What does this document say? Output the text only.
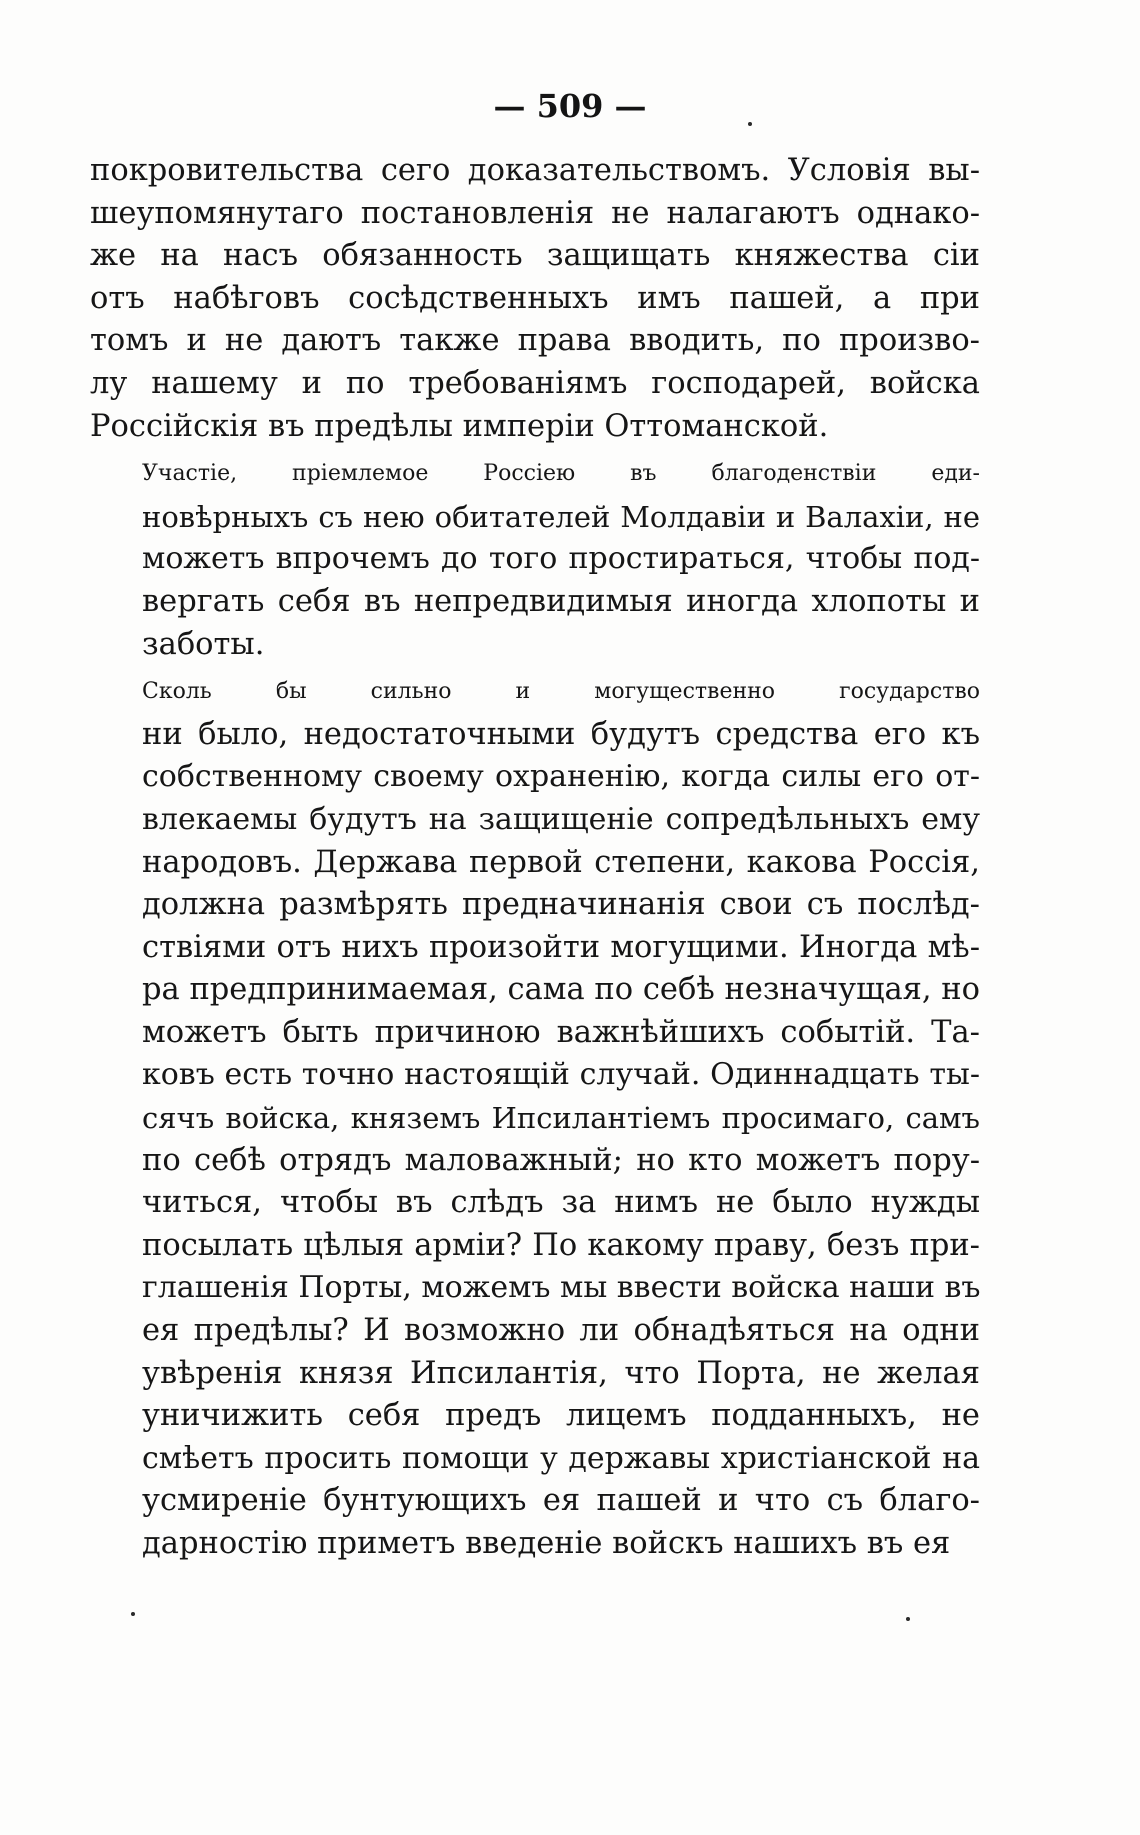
— 509 —

покровительства сего доказательствомъ. Условія вы-
шеупомянутаго постановленія не налагаютъ однако-
же на насъ обязанность защищать княжества сіи
отъ набѣговъ сосѣдственныхъ имъ пашей, а при
томъ и не даютъ также права вводить, по произво-
лу нашему и по требованіямъ господарей, войска
Россійскія въ предѣлы имперіи Оттоманской.

Участіе, пріемлемое Россіею въ благоденствіи еди-
новѣрныхъ съ нею обитателей Молдавіи и Валахіи, не
можетъ впрочемъ до того простираться, чтобы под-
вергать себя въ непредвидимыя иногда хлопоты и
заботы.

Сколь бы сильно и могущественно государство
ни было, недостаточными будутъ средства его къ
собственному своему охраненію, когда силы его от-
влекаемы будутъ на защищеніе сопредѣльныхъ ему
народовъ. Держава первой степени, какова Россія,
должна размѣрять предначинанія свои съ послѣд-
ствіями отъ нихъ произойти могущими. Иногда мѣ-
ра предпринимаемая, сама по себѣ незначущая, но
можетъ быть причиною важнѣйшихъ событій. Та-
ковъ есть точно настоящій случай. Одиннадцать ты-
сячъ войска, княземъ Ипсилантіемъ просимаго, самъ
по себѣ отрядъ маловажный; но кто можетъ пору-
читься, чтобы въ слѣдъ за нимъ не было нужды
посылать цѣлыя арміи? По какому праву, безъ при-
глашенія Порты, можемъ мы ввести войска наши въ
ея предѣлы? И возможно ли обнадѣяться на одни
увѣренія князя Ипсилантія, что Порта, не желая
уничижить себя предъ лицемъ подданныхъ, не
смѣетъ просить помощи у державы христіанской на
усмиреніе бунтующихъ ея пашей и что съ благо-
дарностію приметъ введеніе войскъ нашихъ въ ея
